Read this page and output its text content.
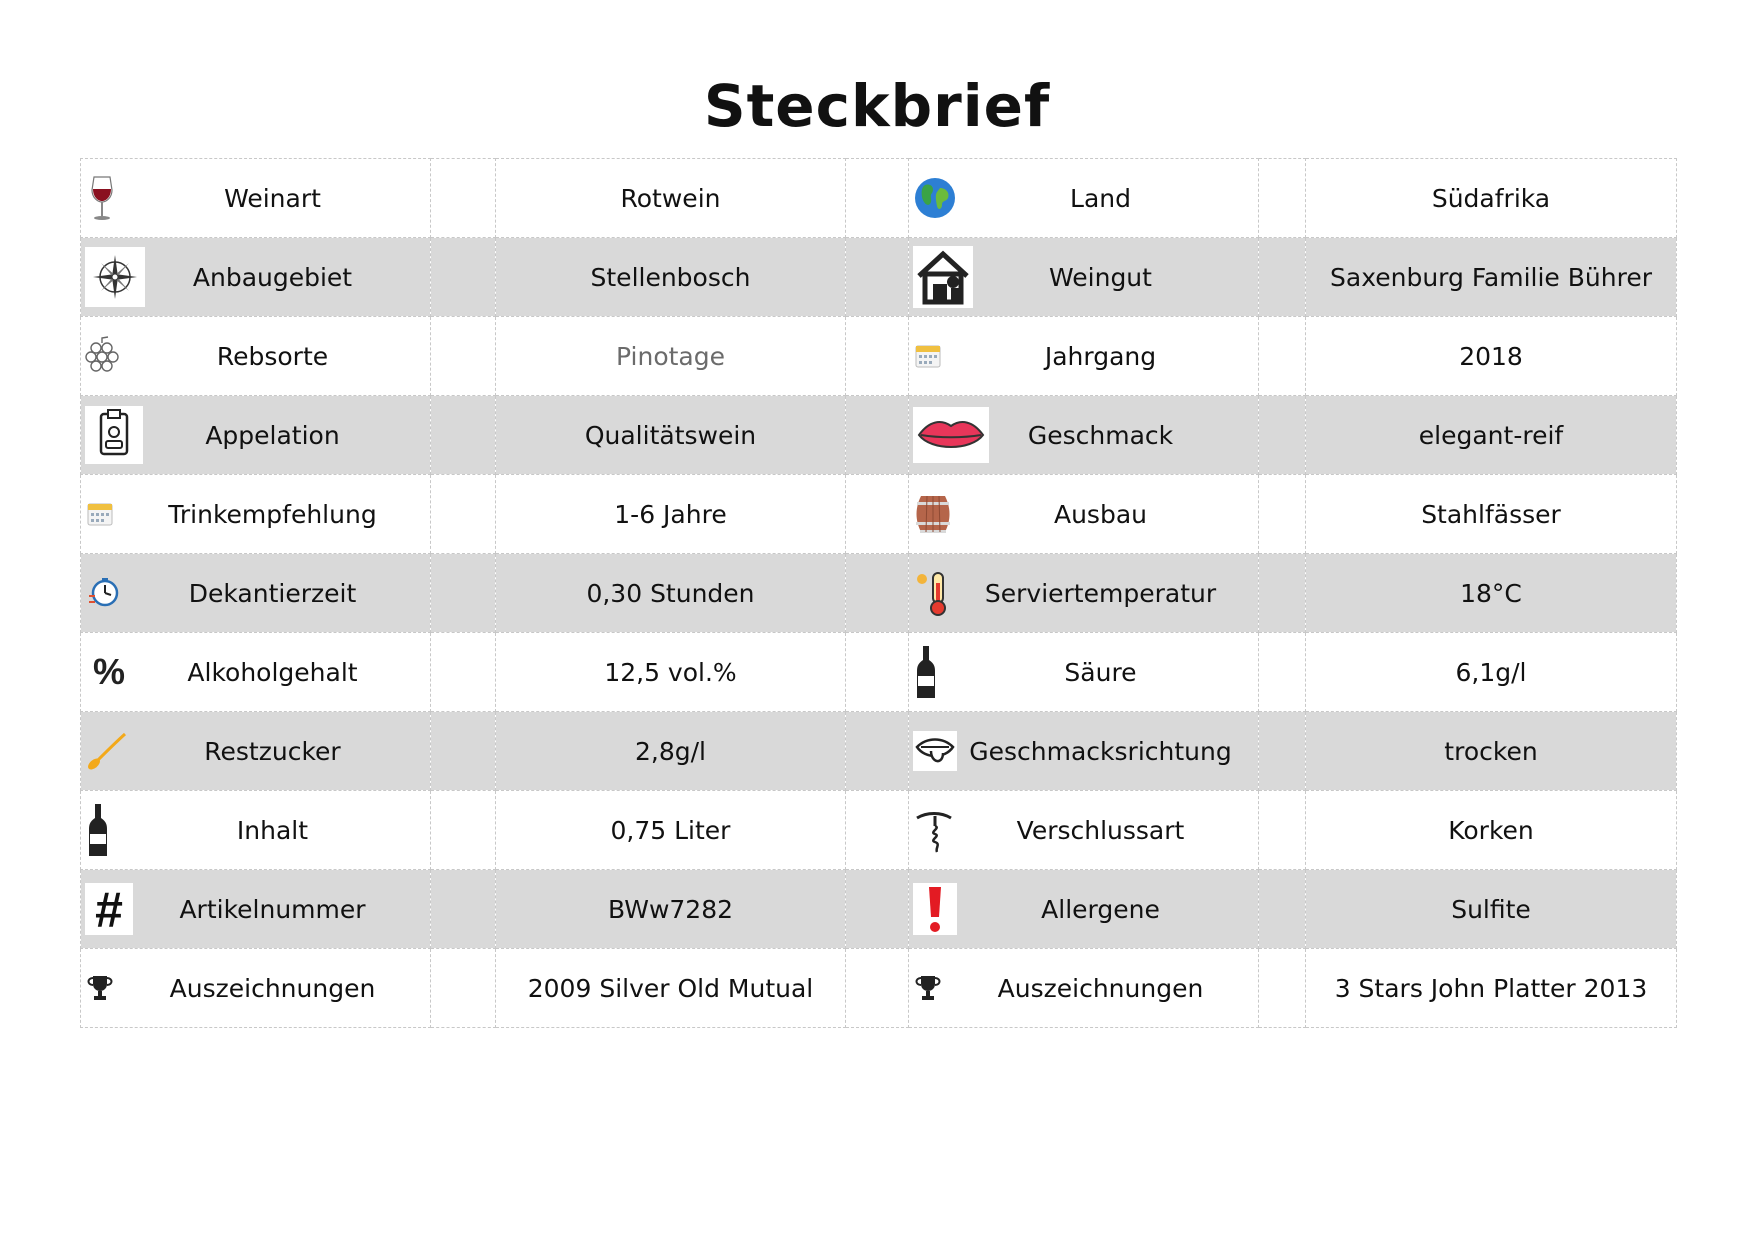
Steckbrief
Weinart		Rotwein		Land		Südafrika

Anbaugebiet		Stellenbosch		Weingut		Saxenburg Familie Bührer

Rebsorte		Pinotage		Jahrgang		2018

Appelation		Qualitätswein		Geschmack		elegant-reif

Trinkempfehlung		1-6 Jahre		Ausbau		Stahlfässer

Dekantierzeit		0,30 Stunden		Serviertemperatur		18°C

% Alkoholgehalt		12,5 vol.%		Säure		6,1g/l

Restzucker		2,8g/l		Geschmacksrichtung		trocken

Inhalt		0,75 Liter		Verschlussart		Korken

# Artikelnummer		BWw7282		Allergene		Sulfite

Auszeichnungen		2009 Silver Old Mutual		Auszeichnungen		3 Stars John Platter 2013
